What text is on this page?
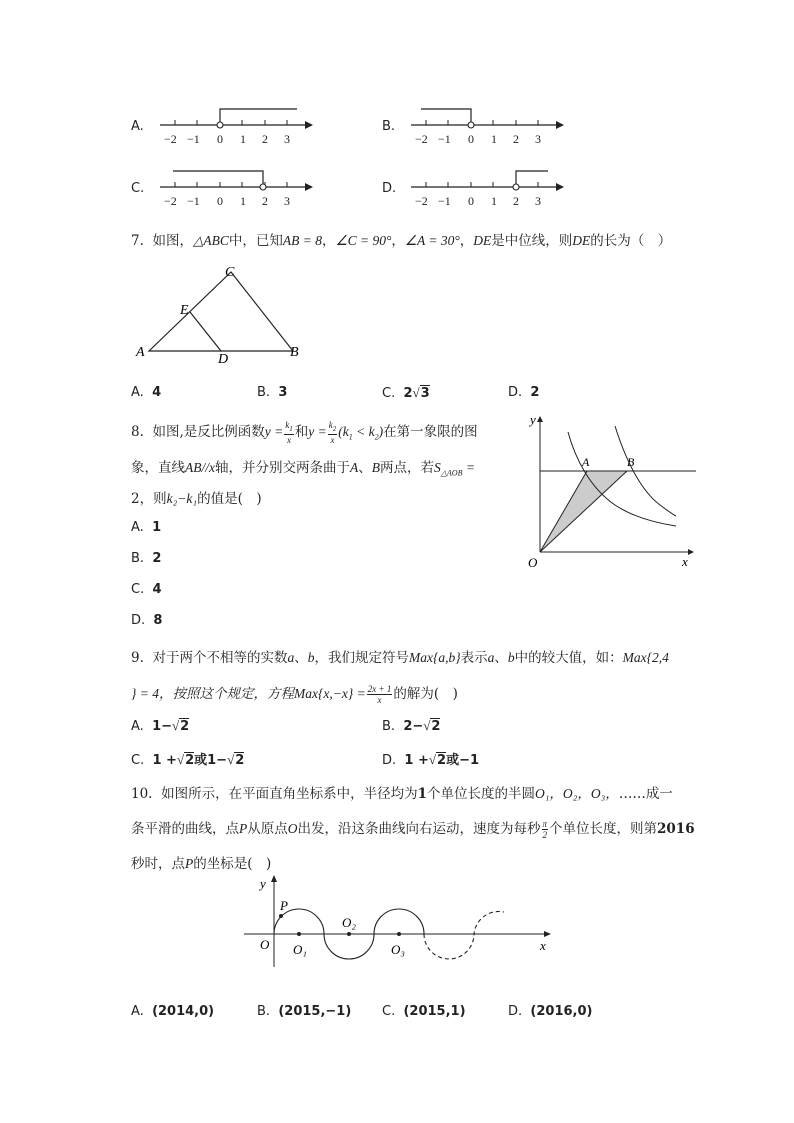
A.
−2 −1 0 1 2 3
B.
−2 −1 0 1 2 3
C.
−2 −1 0 1 2 3
D.
−2 −1 0 1 2 3
7. 如图，△ABC中，已知AB = 8，∠C = 90°，∠A = 30°，DE是中位线，则DE的长为（　）
C
E
A	D	B
A. 4	B. 3	C. 2√3	D. 2
8. 如图,是反比例函数$y = \frac{k_1}{x}$ 和$y = \frac{k_2}{x} (k_1 < k_2)$在第一象限的图
象，直线AB//x轴，并分别交两条曲于A、B两点，若$S_{\triangle AOB}$ =
2，则k₂−k₁的值是(　)
A. 1
B. 2
C. 4
D. 8
y
A	B
O	x
9. 对于两个不相等的实数a、b，我们规定符号Max{a,b}表示a、b中的较大值，如：Max{2,4
} = 4，按照这个规定，方程$Max\{x,-x\} = \frac{2x + 1}{x}$ 的解为(　)
A. 1−√2	B. 2−√2
C. 1 +√2或1−√2	D. 1 +√2或−1
10. 如图所示，在平面直角坐标系中，半径均为1个单位长度的半圆O₁，O₂，O₃，……成一
条平滑的曲线，点P从原点O出发，沿这条曲线向右运动，速度为每秒 $\frac{\pi}{2}$ 个单位长度，则第2016
秒时，点P的坐标是(　)
y
P
O O₁
O₂
O₃	x
A. (2014,0)	B. (2015,−1) C. (2015,1)	D. (2016,0)
